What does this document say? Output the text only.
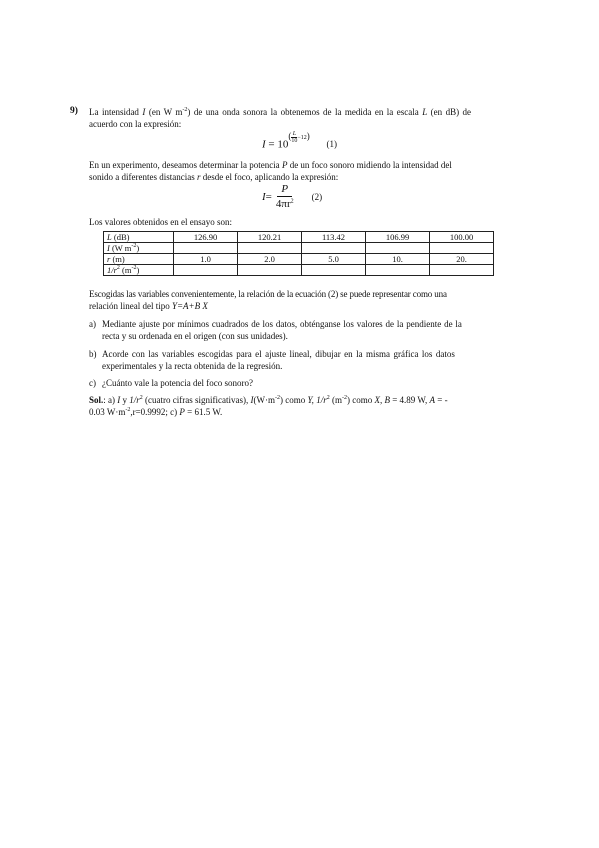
9) La intensidad I (en W $m^{-2}$) de una onda sonora la obtenemos de la medida en la escala L (en dB) de
acuerdo con la expresión:
$I = 10^{(\frac{L}{10} -12)}$ (1)
En un experimento, deseamos determinar la potencia P de un foco sonoro midiendo la intensidad del
sonido a diferentes distancias r desde el foco, aplicando la expresión:
$I = \frac{P}{4\pi r^2} (2)$
Los valores obtenidos en el ensayo son:
L (dB)	126.90	120.21	113.42	106.99	100.00
I (W $m^{-2}$)					
r (m)	1.0	2.0	5.0	10.	20.
$1/r^2$ $(m^{-2})$					
Escogidas las variables convenientemente, la relación de la ecuación (2) se puede representar como una
relación lineal del tipo Y=A+B X
a) Mediante ajuste por mínimos cuadrados de los datos, obténganse los valores de la pendiente de la
recta y su ordenada en el origen (con sus unidades).
b) Acorde con las variables escogidas para el ajuste lineal, dibujar en la misma gráfica los datos
experimentales y la recta obtenida de la regresión.
c) ¿Cuánto vale la potencia del foco sonoro?
Sol.: a) I y $1/r^2$ (cuatro cifras significativas), $I(W\cdot m^{-2})$ como Y, $1/r^2$ $(m^{-2})$ como X, B = 4.89 W, A = -
0.03 $W\cdot m^{-2},r=0.9992$; c) P = 61.5 W.
